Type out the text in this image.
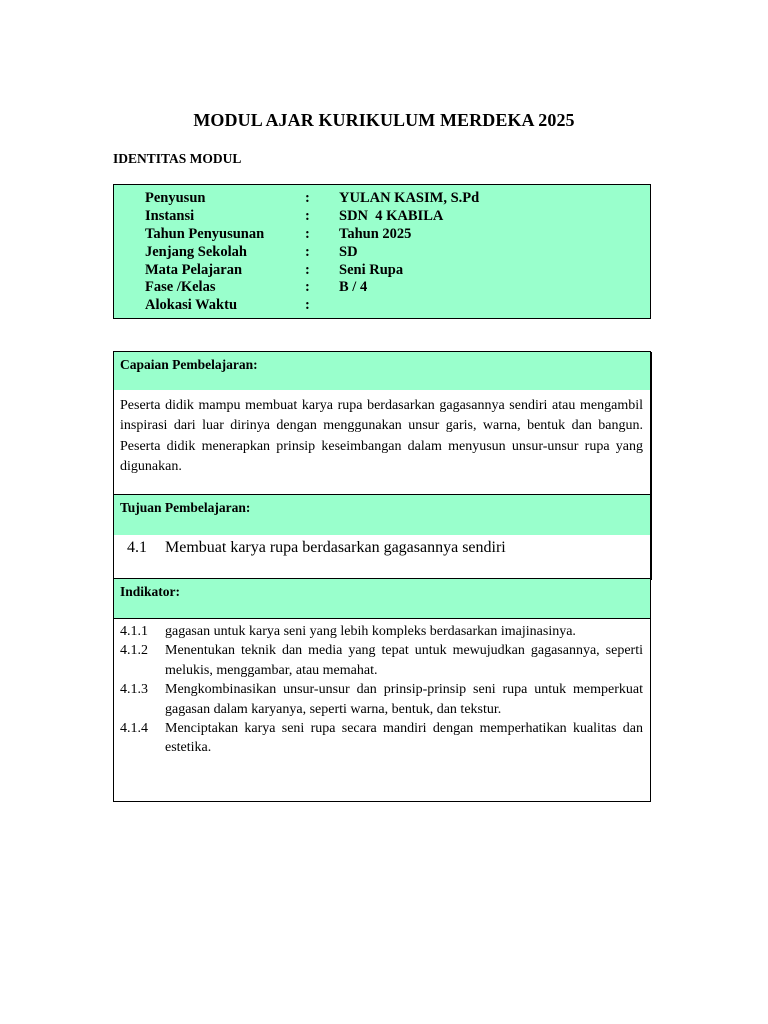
MODUL AJAR KURIKULUM MERDEKA 2025
IDENTITAS MODUL
Penyusun	: YULAN KASIM, S.Pd
Instansi	: SDN  4 KABILA
Tahun Penyusunan	: Tahun 2025
Jenjang Sekolah	: SD
Mata Pelajaran	: Seni Rupa
Fase /Kelas	: B / 4
Alokasi Waktu	:
Capaian Pembelajaran:

Peserta didik mampu membuat karya rupa berdasarkan gagasannya sendiri atau mengambil inspirasi dari luar dirinya dengan menggunakan unsur garis, warna, bentuk dan bangun. Peserta didik menerapkan prinsip keseimbangan dalam menyusun unsur-unsur rupa yang digunakan.

Tujuan Pembelajaran:
4.1 Membuat karya rupa berdasarkan gagasannya sendiri
Indikator:
4.1.1 gagasan untuk karya seni yang lebih kompleks berdasarkan imajinasinya.
4.1.2 Menentukan teknik dan media yang tepat untuk mewujudkan gagasannya, seperti melukis, menggambar, atau memahat.
4.1.3 Mengkombinasikan unsur-unsur dan prinsip-prinsip seni rupa untuk memperkuat gagasan dalam karyanya, seperti warna, bentuk, dan tekstur.
4.1.4 Menciptakan karya seni rupa secara mandiri dengan memperhatikan kualitas dan estetika.
